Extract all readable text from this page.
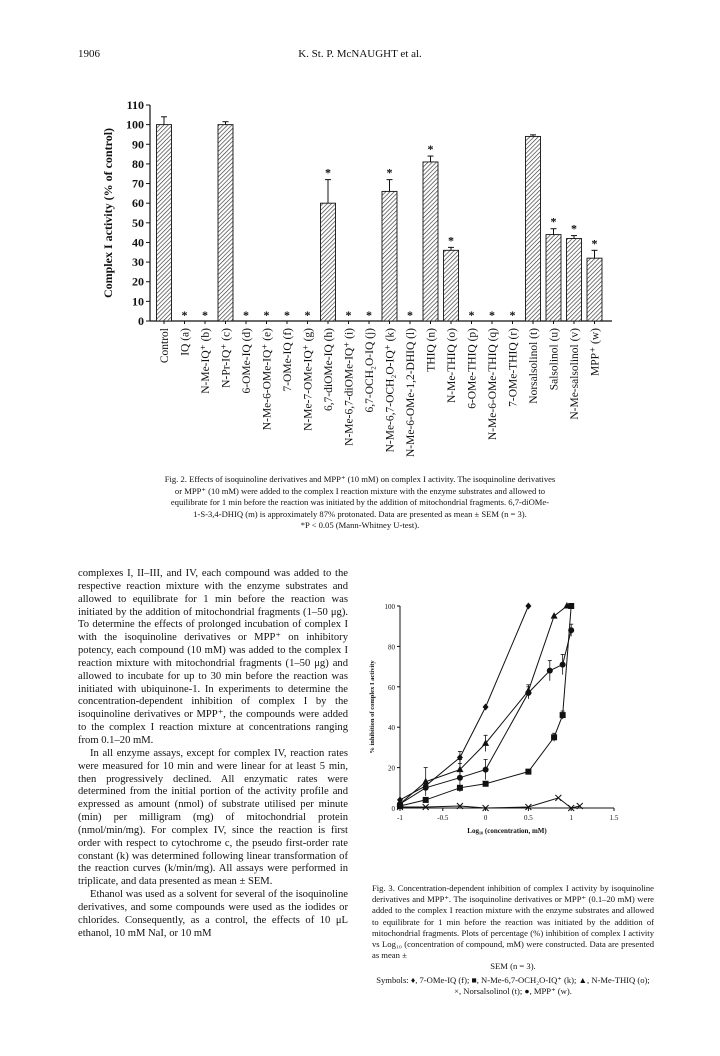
1906	K. St. P. McNAUGHT et al.
0
10
20
30
40
50
60
70
80
90
100
110
Complex I activity (% of control)
* *	* * * *
*
* *
*
*
*
*
* * *
* *
*
Control IQ (a) N-Me-IQ⁺ (b) N-Pr-IQ⁺ (c) 6-OMe-IQ (d) N-Me-6-OMe-IQ⁺ (e) 7-OMe-IQ (f) N-Me-7-OMe-IQ⁺ (g) 6,7-diOMe-IQ (h) N-Me-6,7-diOMe-IQ⁺ (i) 6,7-OCH₂O-IQ (j) N-Me-6,7-OCH₂O-IQ⁺ (k) N-Me-6-OMe-1,2-DHIQ (l) THIQ (n) N-Me-THIQ (o) 6-OMe-THIQ (p) N-Me-6-OMe-THIQ (q) 7-OMe-THIQ (r) Norsalsolinol (t) Salsolinol (u) N-Me-salsolinol (v) MPP⁺ (w)

Fig. 2. Effects of isoquinoline derivatives and MPP⁺ (10 mM) on complex I activity. The isoquinoline derivatives

or MPP⁺ (10 mM) were added to the complex I reaction mixture with the enzyme substrates and allowed to

equilibrate for 1 min before the reaction was initiated by the addition of mitochondrial fragments. 6,7-diOMe-

1-S-3,4-DHIQ (m) is approximately 87% protonated. Data are presented as mean ± SEM (n = 3).

*P < 0.05 (Mann-Whitney U-test).

complexes I, II–III, and IV, each compound was added to the respective reaction mixture with the enzyme substrates and allowed to equilibrate for 1 min before the reaction was initiated by the addition of mitochondrial fragments (1–50 μg). To determine the effects of prolonged incubation of complex I with the isoquinoline derivatives or MPP⁺ on inhibitory potency, each compound (10 mM) was added to the complex I reaction mixture with mitochondrial fragments (1–50 μg) and allowed to incubate for up to 30 min before the reaction was initiated with ubiquinone-1. In experiments to determine the concentration-dependent inhibition of complex I by the isoquinoline derivatives or MPP⁺, the compounds were added to the complex I reaction mixture at concentrations ranging from 0.1–20 mM.

In all enzyme assays, except for complex IV, reaction rates were measured for 10 min and were linear for at least 5 min, then progressively declined. All enzymatic rates were determined from the initial portion of the activity profile and expressed as amount (nmol) of substrate utilised per minute (min) per milligram (mg) of mitochondrial protein (nmol/min/mg). For complex IV, since the reaction is first order with respect to cytochrome c, the pseudo first-order rate constant (k) was determined following linear transformation of the reaction curves (k/min/mg). All assays were performed in triplicate, and data presented as mean ± SEM.

Ethanol was used as a solvent for several of the isoquinoline derivatives, and some compounds were used as the iodides or chlorides. Consequently, as a control, the effects of 10 μL ethanol, 10 mM NaI, or 10 mM

0
20
40
60
80
100
-1	-0.5	0	0.5	1	1.5
Log₁₀ (concentration, mM)
% inhibition of complex I activity

Fig. 3. Concentration-dependent inhibition of complex I activity by isoquinoline derivatives and MPP⁺. The isoquinoline derivatives or MPP⁺ (0.1–20 mM) were added to the complex I reaction mixture with the enzyme substrates and allowed to equilibrate for 1 min before the reaction was initiated by the addition of mitochondrial fragments. Plots of percentage (%) inhibition of complex I activity vs Log₁₀ (concentration of compound, mM) were constructed. Data are presented as mean ±

SEM (n = 3).

Symbols: ♦, 7-OMe-IQ (f); ■, N-Me-6,7-OCH₂O-IQ⁺ (k); ▲, N-Me-THIQ (o); ×, Norsalsolinol (t); ●, MPP⁺ (w).
